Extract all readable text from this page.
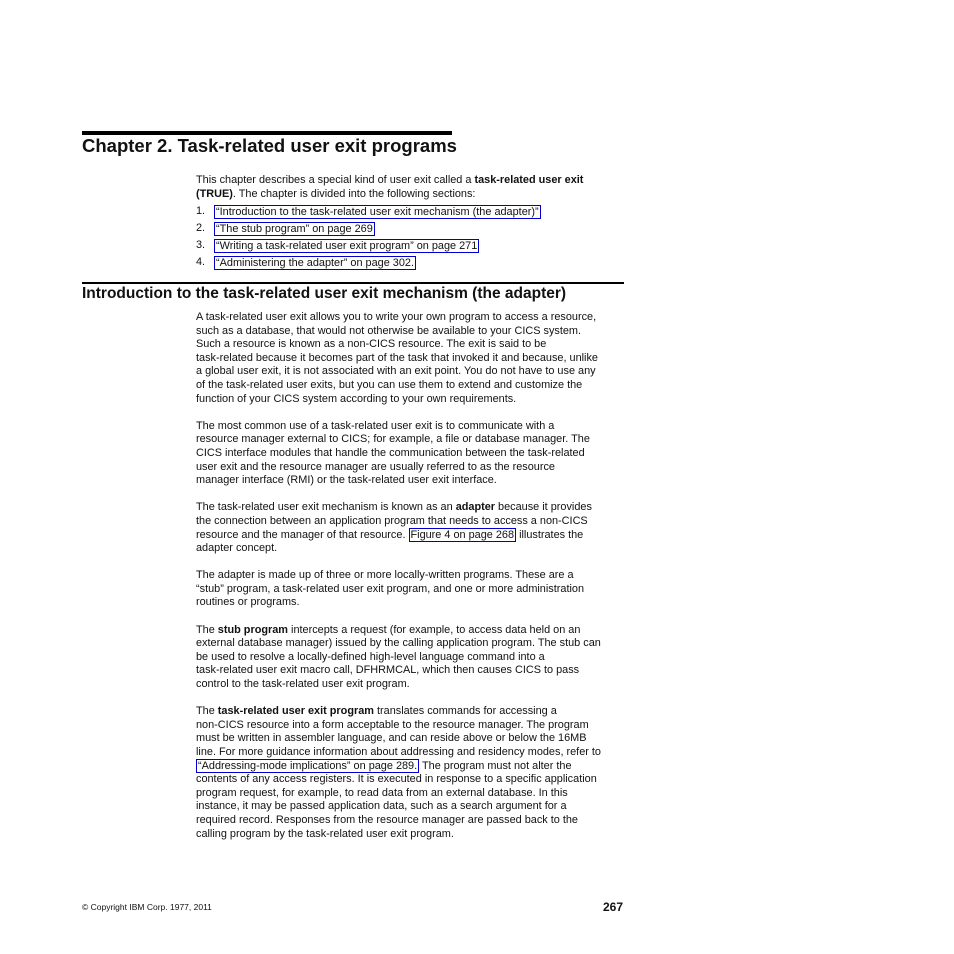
Chapter 2. Task-related user exit programs
This chapter describes a special kind of user exit called a task-related user exit
(TRUE). The chapter is divided into the following sections:
1.	“Introduction to the task-related user exit mechanism (the adapter)”
2.	“The stub program” on page 269
3.	“Writing a task-related user exit program” on page 271
4.	“Administering the adapter” on page 302.
Introduction to the task-related user exit mechanism (the adapter)

A task-related user exit allows you to write your own program to access a resource,
such as a database, that would not otherwise be available to your CICS system.
Such a resource is known as a non-CICS resource. The exit is said to be
task-related because it becomes part of the task that invoked it and because, unlike
a global user exit, it is not associated with an exit point. You do not have to use any
of the task-related user exits, but you can use them to extend and customize the
function of your CICS system according to your own requirements.

The most common use of a task-related user exit is to communicate with a
resource manager external to CICS; for example, a file or database manager. The
CICS interface modules that handle the communication between the task-related
user exit and the resource manager are usually referred to as the resource
manager interface (RMI) or the task-related user exit interface.

The task-related user exit mechanism is known as an adapter because it provides
the connection between an application program that needs to access a non-CICS
resource and the manager of that resource. Figure 4 on page 268 illustrates the
adapter concept.

The adapter is made up of three or more locally-written programs. These are a
“stub” program, a task-related user exit program, and one or more administration
routines or programs.

The stub program intercepts a request (for example, to access data held on an
external database manager) issued by the calling application program. The stub can
be used to resolve a locally-defined high-level language command into a
task-related user exit macro call, DFHRMCAL, which then causes CICS to pass
control to the task-related user exit program.

The task-related user exit program translates commands for accessing a
non-CICS resource into a form acceptable to the resource manager. The program
must be written in assembler language, and can reside above or below the 16MB
line. For more guidance information about addressing and residency modes, refer to
“Addressing-mode implications” on page 289. The program must not alter the
contents of any access registers. It is executed in response to a specific application
program request, for example, to read data from an external database. In this
instance, it may be passed application data, such as a search argument for a
required record. Responses from the resource manager are passed back to the
calling program by the task-related user exit program.

© Copyright IBM Corp. 1977, 2011	267
